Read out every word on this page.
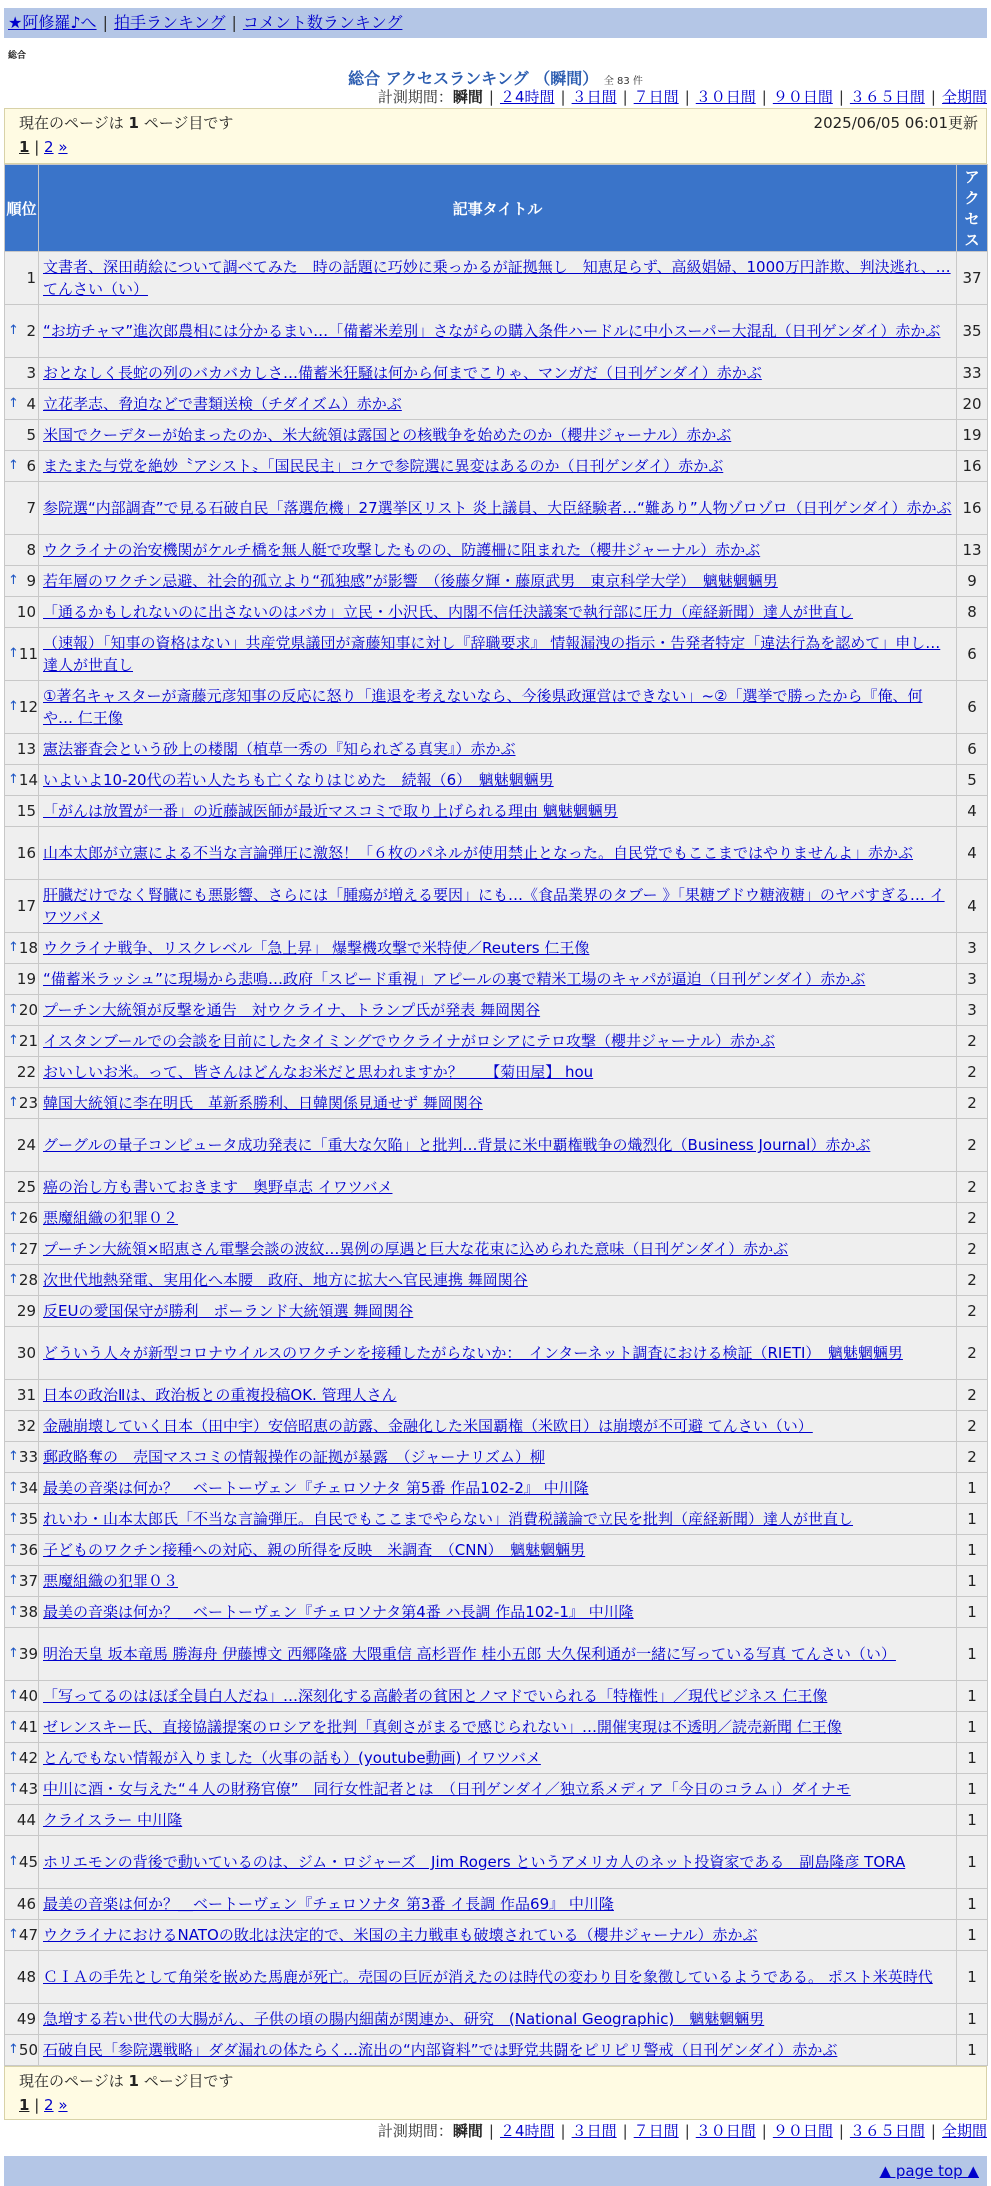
★阿修羅♪へ | 拍手ランキング | コメント数ランキング
総合
総合 アクセスランキング （瞬間） 全 83 件
計測期間：瞬間 | ２4時間 | ３日間 | ７日間 | ３０日間 | ９０日間 | ３６５日間 | 全期間
現在のページは 1 ページ目です	2025/06/05 06:01更新
1 | 2 »
順位	記事タイトル	アクセス
1	文書者、深田萌絵について調べてみた　時の話題に巧妙に乗っかるが証拠無し　知恵足らず、高級娼婦、1000万円詐欺、判決逃れ、… てんさい（い）	37

↑ 2	“お坊チャマ”進次郎農相には分かるまい…「備蓄米差別」さながらの購入条件ハードルに中小スーパー大混乱（日刊ゲンダイ）赤かぶ	35
3	おとなしく長蛇の列のバカバカしさ…備蓄米狂騒は何から何までこりゃ、マンガだ（日刊ゲンダイ）赤かぶ	33

↑ 4	立花孝志、脅迫などで書類送検（チダイズム）赤かぶ	20
5	米国でクーデターが始まったのか、米大統領は露国との核戦争を始めたのか（櫻井ジャーナル）赤かぶ	19

↑ 6	またまた与党を絶妙〝アシスト〟「国民民主」コケで参院選に異変はあるのか（日刊ゲンダイ）赤かぶ	16
7	参院選“内部調査”で見る石破自民「落選危機」27選挙区リスト 炎上議員、大臣経験者…“難あり”人物ゾロゾロ（日刊ゲンダイ）赤かぶ	16
8	ウクライナの治安機関がケルチ橋を無人艇で攻撃したものの、防護柵に阻まれた（櫻井ジャーナル）赤かぶ	13

↑ 9	若年層のワクチン忌避、社会的孤立より“孤独感”が影響　（後藤夕輝・藤原武男　東京科学大学）　魑魅魍魎男	9
10	「通るかもしれないのに出さないのはバカ」立民・小沢氏、内閣不信任決議案で執行部に圧力（産経新聞）達人が世直し	8

↑ 11	（速報）「知事の資格はない」共産党県議団が斎藤知事に対し『辞職要求』 情報漏洩の指示・告発者特定「違法行為を認めて」申し… 達人が世直し	6

↑ 12	①著名キャスターが斎藤元彦知事の反応に怒り「進退を考えないなら、今後県政運営はできない」~②「選挙で勝ったから『俺、何や… 仁王像	6
13	憲法審査会という砂上の楼閣（植草一秀の『知られざる真実』）赤かぶ	6

↑ 14	いよいよ10-20代の若い人たちも亡くなりはじめた　続報（6）　魑魅魍魎男	5
15	「がんは放置が一番」の近藤誠医師が最近マスコミで取り上げられる理由 魑魅魍魎男	4
16	山本太郎が立憲による不当な言論弾圧に激怒！「６枚のパネルが使用禁止となった。自民党でもここまではやりませんよ」赤かぶ	4
17	肝臓だけでなく腎臓にも悪影響、さらには「腫瘍が増える要因」にも…《食品業界のタブー 》「果糖ブドウ糖液糖」のヤバすぎる… イワツバメ	4

↑ 18	ウクライナ戦争、リスクレベル「急上昇」 爆撃機攻撃で米特使／Reuters 仁王像	3
19	“備蓄米ラッシュ”に現場から悲鳴…政府「スピード重視」アピールの裏で精米工場のキャパが逼迫（日刊ゲンダイ）赤かぶ	3

↑ 20	プーチン大統領が反撃を通告　対ウクライナ、トランプ氏が発表 舞岡関谷	3

↑ 21	イスタンブールでの会談を目前にしたタイミングでウクライナがロシアにテロ攻撃（櫻井ジャーナル）赤かぶ	2
22	おいしいお米。って、皆さんはどんなお米だと思われますか？　　【菊田屋】 hou	2

↑ 23	韓国大統領に李在明氏　革新系勝利、日韓関係見通せず 舞岡関谷	2
24	グーグルの量子コンピュータ成功発表に「重大な欠陥」と批判…背景に米中覇権戦争の熾烈化（Business Journal）赤かぶ	2
25	癌の治し方も書いておきます　奥野卓志 イワツバメ	2

↑ 26	悪魔組織の犯罪０２	2

↑ 27	プーチン大統領×昭恵さん電撃会談の波紋…異例の厚遇と巨大な花束に込められた意味（日刊ゲンダイ）赤かぶ	2

↑ 28	次世代地熱発電、実用化へ本腰　政府、地方に拡大へ官民連携 舞岡関谷	2
29	反EUの愛国保守が勝利　ポーランド大統領選 舞岡関谷	2
30	どういう人々が新型コロナウイルスのワクチンを接種したがらないか：　インターネット調査における検証（RIETI）　魑魅魍魎男	2
31	日本の政治Ⅱは、政治板との重複投稿OK. 管理人さん	2
32	金融崩壊していく日本（田中宇）安倍昭恵の訪露、金融化した米国覇権（米欧日）は崩壊が不可避 てんさい（い）	2

↑ 33	郵政略奪の　売国マスコミの情報操作の証拠が暴露　（ジャーナリズム）柳	2

↑ 34	最美の音楽は何か？　ベートーヴェン『チェロソナタ 第5番 作品102-2』 中川隆	1

↑ 35	れいわ・山本太郎氏「不当な言論弾圧。自民でもここまでやらない」消費税議論で立民を批判（産経新聞）達人が世直し	1

↑ 36	子どものワクチン接種への対応、親の所得を反映　米調査　（CNN）　魑魅魍魎男	1

↑ 37	悪魔組織の犯罪０３	1

↑ 38	最美の音楽は何か？＿ベートーヴェン『チェロソナタ第4番 ハ長調 作品102-1』 中川隆	1

↑ 39	明治天皇 坂本竜馬 勝海舟 伊藤博文 西郷隆盛 大隈重信 高杉晋作 桂小五郎 大久保利通が一緒に写っている写真 てんさい（い）	1

↑ 40	「写ってるのはほぼ全員白人だね」…深刻化する高齢者の貧困とノマドでいられる「特権性」／現代ビジネス 仁王像	1

↑ 41	ゼレンスキー氏、直接協議提案のロシアを批判「真剣さがまるで感じられない」…開催実現は不透明／読売新聞 仁王像	1

↑ 42	とんでもない情報が入りました（火事の話も）(youtube動画) イワツバメ	1

↑ 43	中川に酒・女与えた“４人の財務官僚”　同行女性記者とは　（日刊ゲンダイ／独立系メディア「今日のコラム」）ダイナモ	1
44	クライスラー 中川隆	1

↑ 45	ホリエモンの背後で動いているのは、ジム・ロジャーズ　Jim Rogers というアメリカ人のネット投資家である　副島隆彦 TORA	1
46	最美の音楽は何か？＿ベートーヴェン『チェロソナタ 第3番 イ長調 作品69』 中川隆	1

↑ 47	ウクライナにおけるNATOの敗北は決定的で、米国の主力戦車も破壊されている（櫻井ジャーナル）赤かぶ	1
48	ＣＩＡの手先として角栄を嵌めた馬鹿が死亡。売国の巨匠が消えたのは時代の変わり目を象徴しているようである。 ポスト米英時代	1
49	急増する若い世代の大腸がん、子供の頃の腸内細菌が関連か、研究　(National Geographic)　魑魅魍魎男	1

↑ 50	石破自民「参院選戦略」ダダ漏れの体たらく…流出の“内部資料”では野党共闘をピリピリ警戒（日刊ゲンダイ）赤かぶ	1
現在のページは 1 ページ目です
1 | 2 »
計測期間：瞬間 | ２4時間 | ３日間 | ７日間 | ３０日間 | ９０日間 | ３６５日間 | 全期間
▲ page top ▲
